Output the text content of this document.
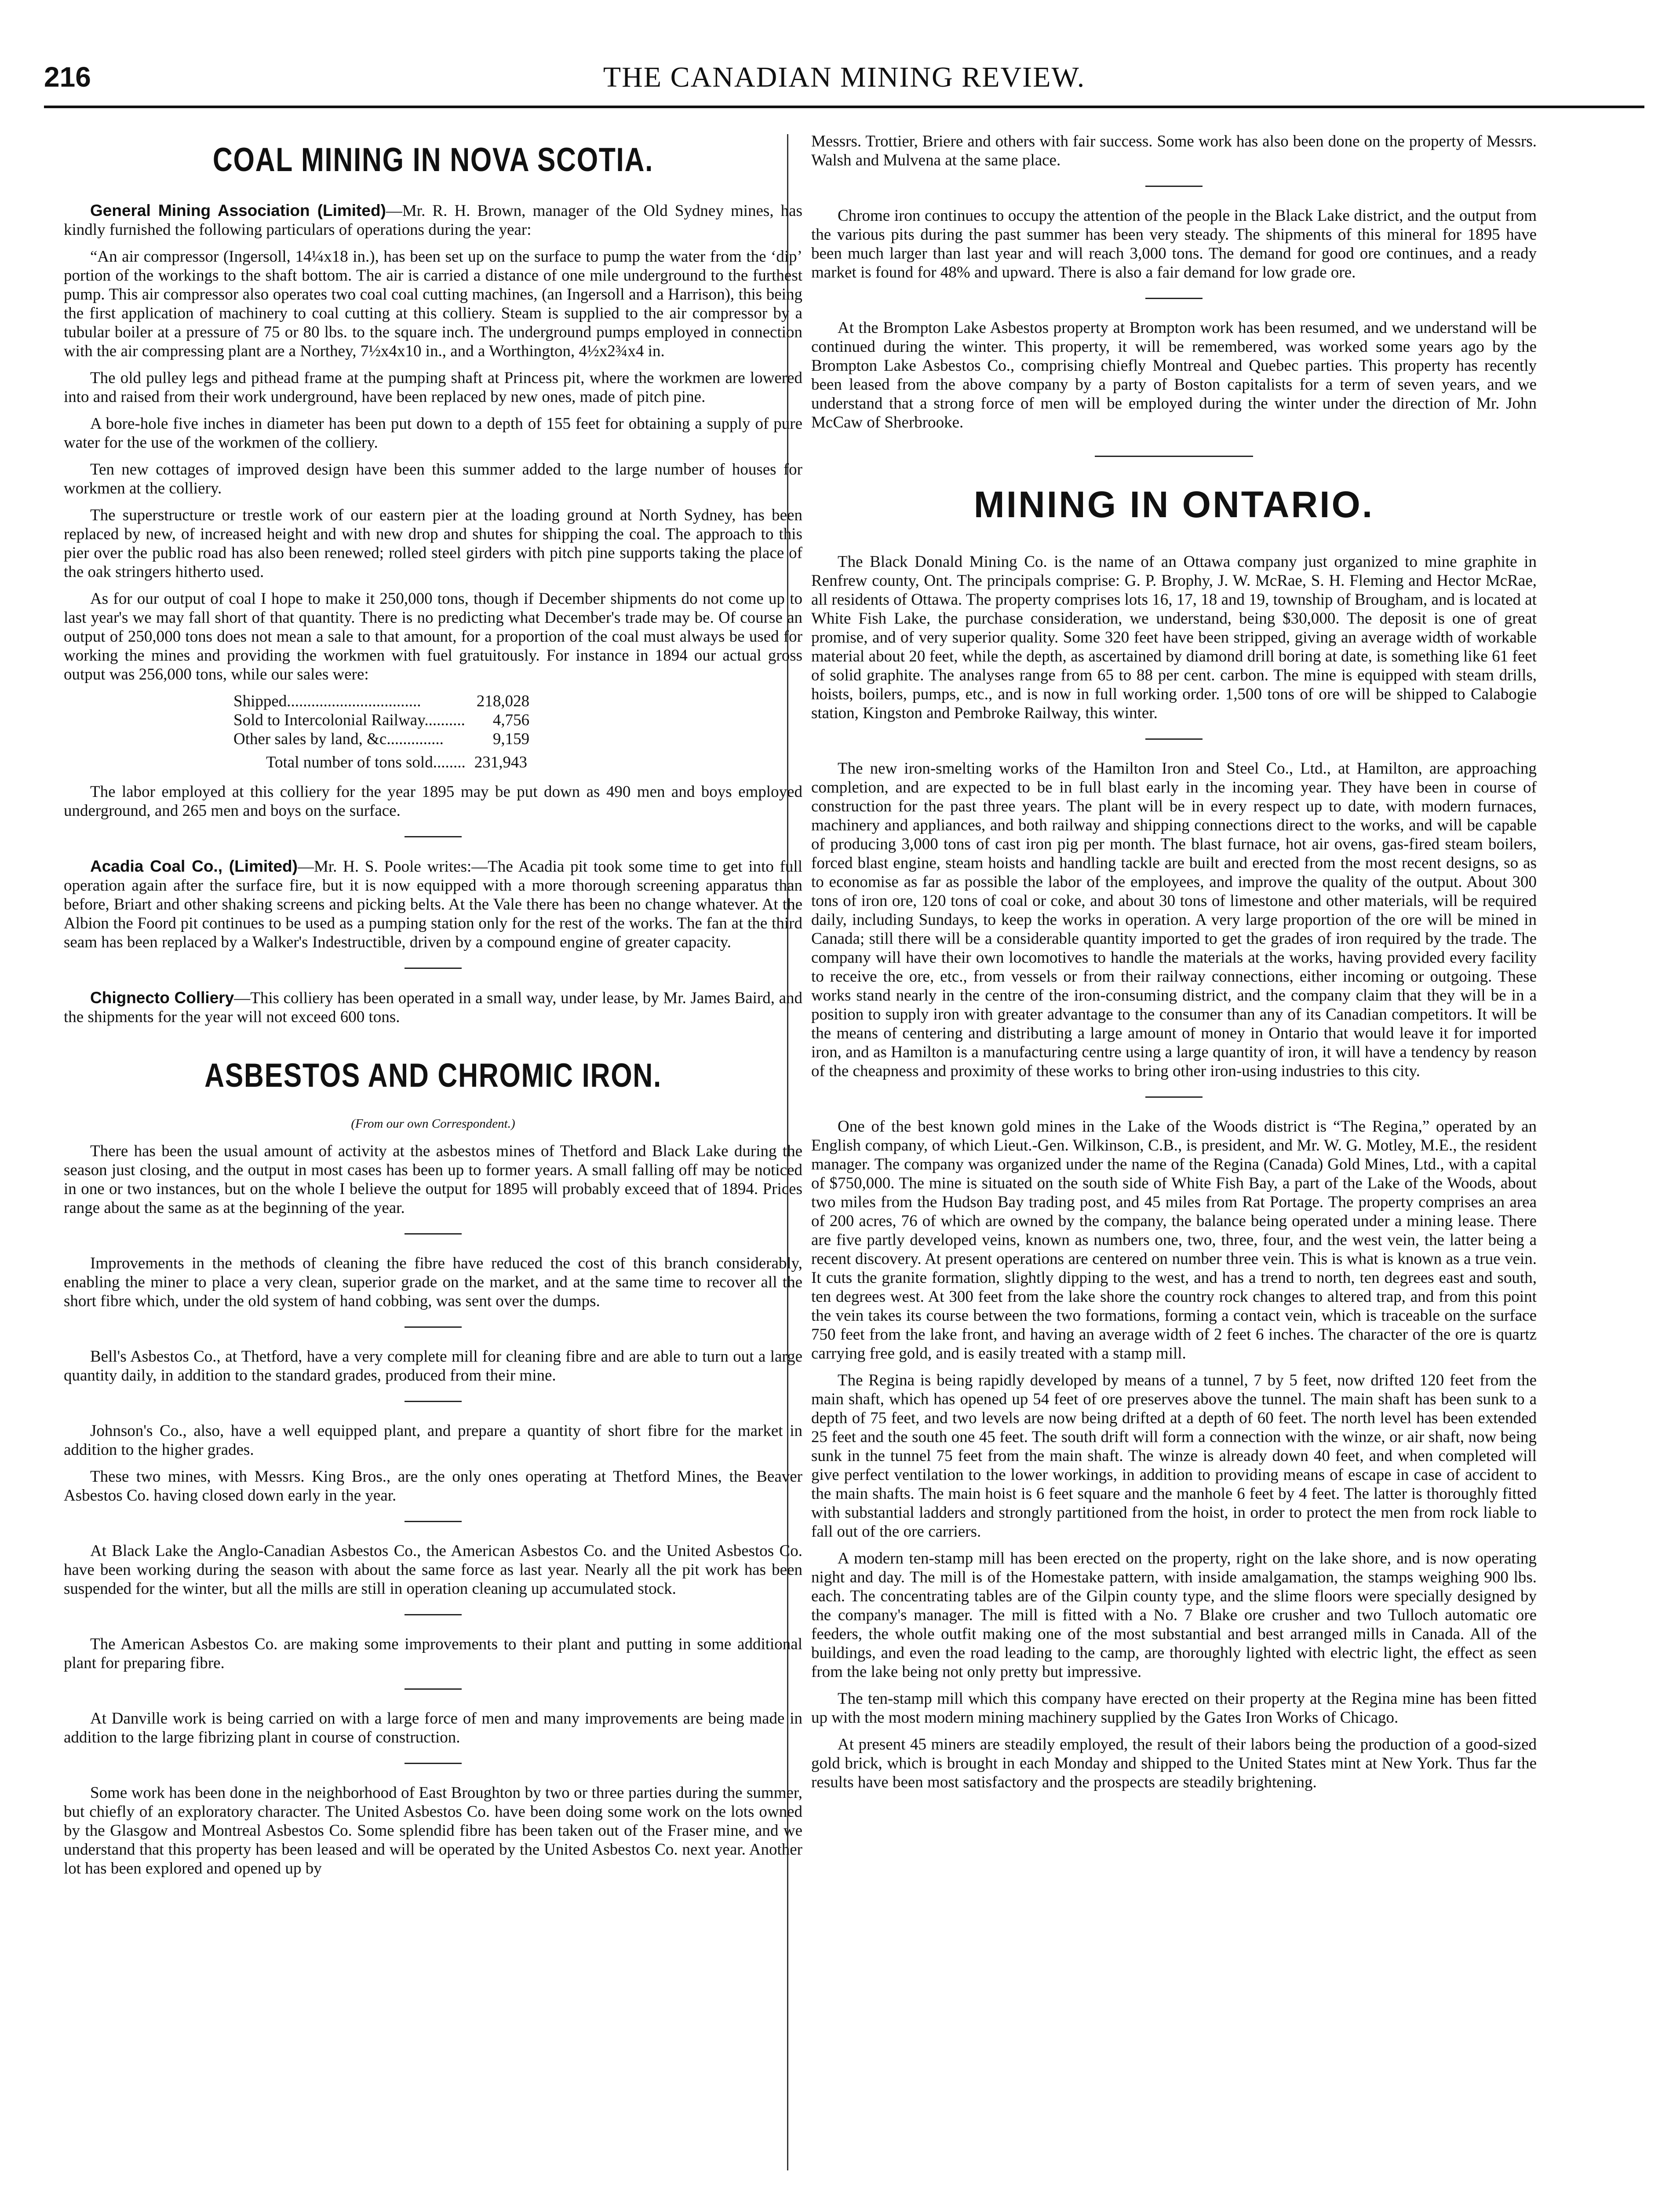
216	THE CANADIAN MINING REVIEW.
COAL MINING IN NOVA SCOTIA.

General Mining Association (Limited)—Mr. R. H. Brown, manager of the Old Sydney mines, has kindly furnished the following particulars of operations during the year:

“An air compressor (Ingersoll, 14¼x18 in.), has been set up on the surface to pump the water from the ‘dip’ portion of the workings to the shaft bottom. The air is carried a distance of one mile underground to the furthest pump. This air compressor also operates two coal coal cutting machines, (an Ingersoll and a Harrison), this being the first application of machinery to coal cutting at this colliery. Steam is supplied to the air compressor by a tubular boiler at a pressure of 75 or 80 lbs. to the square inch. The underground pumps employed in connection with the air compressing plant are a Northey, 7½x4x10 in., and a Worthington, 4½x2¾x4 in.

The old pulley legs and pithead frame at the pumping shaft at Princess pit, where the workmen are lowered into and raised from their work underground, have been replaced by new ones, made of pitch pine.

A bore-hole five inches in diameter has been put down to a depth of 155 feet for obtaining a supply of pure water for the use of the workmen of the colliery.

Ten new cottages of improved design have been this summer added to the large number of houses for workmen at the colliery.

The superstructure or trestle work of our eastern pier at the loading ground at North Sydney, has been replaced by new, of increased height and with new drop and shutes for shipping the coal. The approach to this pier over the public road has also been renewed; rolled steel girders with pitch pine supports taking the place of the oak stringers hitherto used.

As for our output of coal I hope to make it 250,000 tons, though if December shipments do not come up to last year's we may fall short of that quantity. There is no predicting what December's trade may be. Of course an output of 250,000 tons does not mean a sale to that amount, for a proportion of the coal must always be used for working the mines and providing the workmen with fuel gratuitously. For instance in 1894 our actual gross output was 256,000 tons, while our sales were:

Shipped.................................	218,028
Sold to Intercolonial Railway..........	4,756
Other sales by land, &c..............	9,159
Total number of tons sold........ 231,943

The labor employed at this colliery for the year 1895 may be put down as 490 men and boys employed underground, and 265 men and boys on the surface.

Acadia Coal Co., (Limited)—Mr. H. S. Poole writes:—The Acadia pit took some time to get into full operation again after the surface fire, but it is now equipped with a more thorough screening apparatus than before, Briart and other shaking screens and picking belts. At the Vale there has been no change whatever. At the Albion the Foord pit continues to be used as a pumping station only for the rest of the works. The fan at the third seam has been replaced by a Walker's Indestructible, driven by a compound engine of greater capacity.

Chignecto Colliery—This colliery has been operated in a small way, under lease, by Mr. James Baird, and the shipments for the year will not exceed 600 tons.

ASBESTOS AND CHROMIC IRON.
(From our own Correspondent.)

There has been the usual amount of activity at the asbestos mines of Thetford and Black Lake during the season just closing, and the output in most cases has been up to former years. A small falling off may be noticed in one or two instances, but on the whole I believe the output for 1895 will probably exceed that of 1894. Prices range about the same as at the beginning of the year.

Improvements in the methods of cleaning the fibre have reduced the cost of this branch considerably, enabling the miner to place a very clean, superior grade on the market, and at the same time to recover all the short fibre which, under the old system of hand cobbing, was sent over the dumps.

Bell's Asbestos Co., at Thetford, have a very complete mill for cleaning fibre and are able to turn out a large quantity daily, in addition to the standard grades, produced from their mine.

Johnson's Co., also, have a well equipped plant, and prepare a quantity of short fibre for the market in addition to the higher grades.

These two mines, with Messrs. King Bros., are the only ones operating at Thetford Mines, the Beaver Asbestos Co. having closed down early in the year.

At Black Lake the Anglo-Canadian Asbestos Co., the American Asbestos Co. and the United Asbestos Co. have been working during the season with about the same force as last year. Nearly all the pit work has been suspended for the winter, but all the mills are still in operation cleaning up accumulated stock.

The American Asbestos Co. are making some improvements to their plant and putting in some additional plant for preparing fibre.

At Danville work is being carried on with a large force of men and many improvements are being made in addition to the large fibrizing plant in course of construction.

Some work has been done in the neighborhood of East Broughton by two or three parties during the summer, but chiefly of an exploratory character. The United Asbestos Co. have been doing some work on the lots owned by the Glasgow and Montreal Asbestos Co. Some splendid fibre has been taken out of the Fraser mine, and we understand that this property has been leased and will be operated by the United Asbestos Co. next year. Another lot has been explored and opened up by

Messrs. Trottier, Briere and others with fair success. Some work has also been done on the property of Messrs. Walsh and Mulvena at the same place.

Chrome iron continues to occupy the attention of the people in the Black Lake district, and the output from the various pits during the past summer has been very steady. The shipments of this mineral for 1895 have been much larger than last year and will reach 3,000 tons. The demand for good ore continues, and a ready market is found for 48% and upward. There is also a fair demand for low grade ore.

At the Brompton Lake Asbestos property at Brompton work has been resumed, and we understand will be continued during the winter. This property, it will be remembered, was worked some years ago by the Brompton Lake Asbestos Co., comprising chiefly Montreal and Quebec parties. This property has recently been leased from the above company by a party of Boston capitalists for a term of seven years, and we understand that a strong force of men will be employed during the winter under the direction of Mr. John McCaw of Sherbrooke.

MINING IN ONTARIO.

The Black Donald Mining Co. is the name of an Ottawa company just organized to mine graphite in Renfrew county, Ont. The principals comprise: G. P. Brophy, J. W. McRae, S. H. Fleming and Hector McRae, all residents of Ottawa. The property comprises lots 16, 17, 18 and 19, township of Brougham, and is located at White Fish Lake, the purchase consideration, we understand, being $30,000. The deposit is one of great promise, and of very superior quality. Some 320 feet have been stripped, giving an average width of workable material about 20 feet, while the depth, as ascertained by diamond drill boring at date, is something like 61 feet of solid graphite. The analyses range from 65 to 88 per cent. carbon. The mine is equipped with steam drills, hoists, boilers, pumps, etc., and is now in full working order. 1,500 tons of ore will be shipped to Calabogie station, Kingston and Pembroke Railway, this winter.

The new iron-smelting works of the Hamilton Iron and Steel Co., Ltd., at Hamilton, are approaching completion, and are expected to be in full blast early in the incoming year. They have been in course of construction for the past three years. The plant will be in every respect up to date, with modern furnaces, machinery and appliances, and both railway and shipping connections direct to the works, and will be capable of producing 3,000 tons of cast iron pig per month. The blast furnace, hot air ovens, gas-fired steam boilers, forced blast engine, steam hoists and handling tackle are built and erected from the most recent designs, so as to economise as far as possible the labor of the employees, and improve the quality of the output. About 300 tons of iron ore, 120 tons of coal or coke, and about 30 tons of limestone and other materials, will be required daily, including Sundays, to keep the works in operation. A very large proportion of the ore will be mined in Canada; still there will be a considerable quantity imported to get the grades of iron required by the trade. The company will have their own locomotives to handle the materials at the works, having provided every facility to receive the ore, etc., from vessels or from their railway connections, either incoming or outgoing. These works stand nearly in the centre of the iron-consuming district, and the company claim that they will be in a position to supply iron with greater advantage to the consumer than any of its Canadian competitors. It will be the means of centering and distributing a large amount of money in Ontario that would leave it for imported iron, and as Hamilton is a manufacturing centre using a large quantity of iron, it will have a tendency by reason of the cheapness and proximity of these works to bring other iron-using industries to this city.

One of the best known gold mines in the Lake of the Woods district is “The Regina,” operated by an English company, of which Lieut.-Gen. Wilkinson, C.B., is president, and Mr. W. G. Motley, M.E., the resident manager. The company was organized under the name of the Regina (Canada) Gold Mines, Ltd., with a capital of $750,000. The mine is situated on the south side of White Fish Bay, a part of the Lake of the Woods, about two miles from the Hudson Bay trading post, and 45 miles from Rat Portage. The property comprises an area of 200 acres, 76 of which are owned by the company, the balance being operated under a mining lease. There are five partly developed veins, known as numbers one, two, three, four, and the west vein, the latter being a recent discovery. At present operations are centered on number three vein. This is what is known as a true vein. It cuts the granite formation, slightly dipping to the west, and has a trend to north, ten degrees east and south, ten degrees west. At 300 feet from the lake shore the country rock changes to altered trap, and from this point the vein takes its course between the two formations, forming a contact vein, which is traceable on the surface 750 feet from the lake front, and having an average width of 2 feet 6 inches. The character of the ore is quartz carrying free gold, and is easily treated with a stamp mill.

The Regina is being rapidly developed by means of a tunnel, 7 by 5 feet, now drifted 120 feet from the main shaft, which has opened up 54 feet of ore preserves above the tunnel. The main shaft has been sunk to a depth of 75 feet, and two levels are now being drifted at a depth of 60 feet. The north level has been extended 25 feet and the south one 45 feet. The south drift will form a connection with the winze, or air shaft, now being sunk in the tunnel 75 feet from the main shaft. The winze is already down 40 feet, and when completed will give perfect ventilation to the lower workings, in addition to providing means of escape in case of accident to the main shafts. The main hoist is 6 feet square and the manhole 6 feet by 4 feet. The latter is thoroughly fitted with substantial ladders and strongly partitioned from the hoist, in order to protect the men from rock liable to fall out of the ore carriers.

A modern ten-stamp mill has been erected on the property, right on the lake shore, and is now operating night and day. The mill is of the Homestake pattern, with inside amalgamation, the stamps weighing 900 lbs. each. The concentrating tables are of the Gilpin county type, and the slime floors were specially designed by the company's manager. The mill is fitted with a No. 7 Blake ore crusher and two Tulloch automatic ore feeders, the whole outfit making one of the most substantial and best arranged mills in Canada. All of the buildings, and even the road leading to the camp, are thoroughly lighted with electric light, the effect as seen from the lake being not only pretty but impressive.

The ten-stamp mill which this company have erected on their property at the Regina mine has been fitted up with the most modern mining machinery supplied by the Gates Iron Works of Chicago.

At present 45 miners are steadily employed, the result of their labors being the production of a good-sized gold brick, which is brought in each Monday and shipped to the United States mint at New York. Thus far the results have been most satisfactory and the prospects are steadily brightening.
